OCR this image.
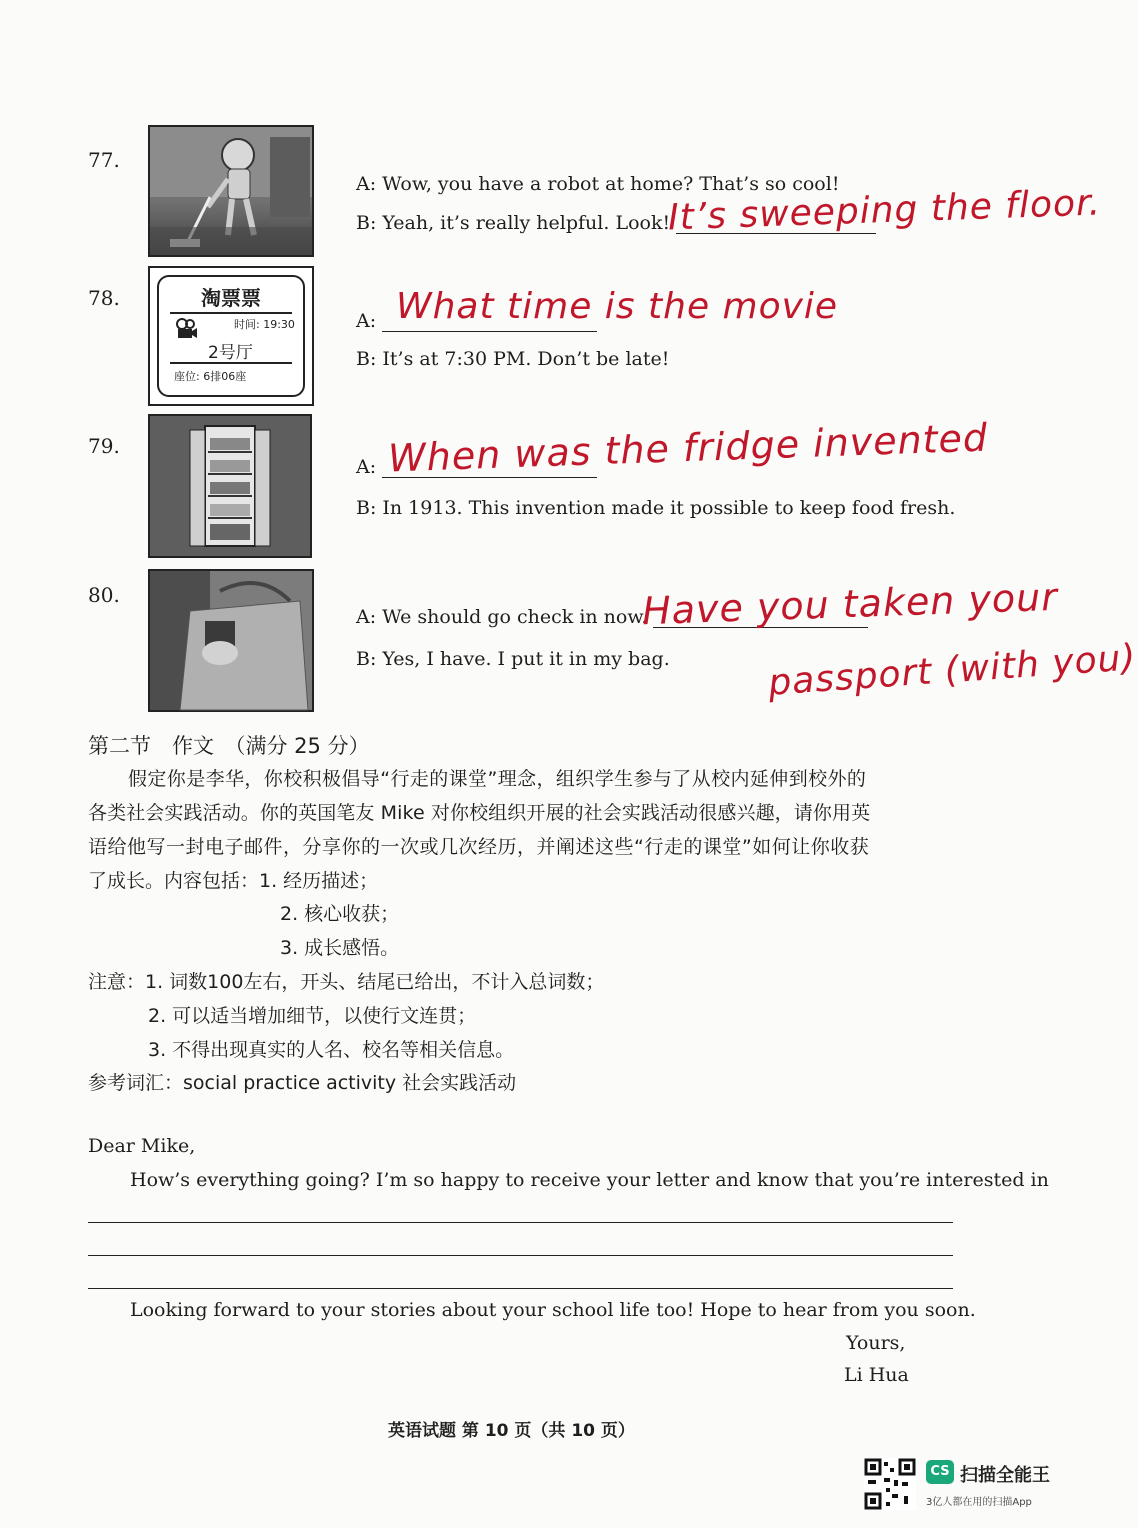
77.
A: Wow, you have a robot at home? That’s so cool!
B: Yeah, it’s really helpful. Look!
It’s sweeping the floor.
78.	淘票票
时间: 19:30
2号厅
座位: 6排06座
A: What time is the movie
B: It’s at 7:30 PM. Don’t be late!
79.
A: When was the fridge invented
B: In 1913. This invention made it possible to keep food fresh.
80.
A: We should go check in now.
Have you taken your
B: Yes, I have. I put it in my bag.	passport (with you)
第二节　作文　（满分 25 分）
假定你是李华，你校积极倡导“行走的课堂”理念，组织学生参与了从校内延伸到校外的
各类社会实践活动。你的英国笔友 Mike 对你校组织开展的社会实践活动很感兴趣，请你用英
语给他写一封电子邮件，分享你的一次或几次经历，并阐述这些“行走的课堂”如何让你收获
了成长。内容包括：1. 经历描述；
2. 核心收获；
3. 成长感悟。
注意：1. 词数100左右，开头、结尾已给出，不计入总词数；
2. 可以适当增加细节，以使行文连贯；
3. 不得出现真实的人名、校名等相关信息。
参考词汇：social practice activity 社会实践活动
Dear Mike,
How’s everything going? I’m so happy to receive your letter and know that you’re interested in
Looking forward to your stories about your school life too! Hope to hear from you soon.
Yours,
Li Hua
英语试题 第 10 页（共 10 页）
CS 扫描全能王
3亿人都在用的扫描App
